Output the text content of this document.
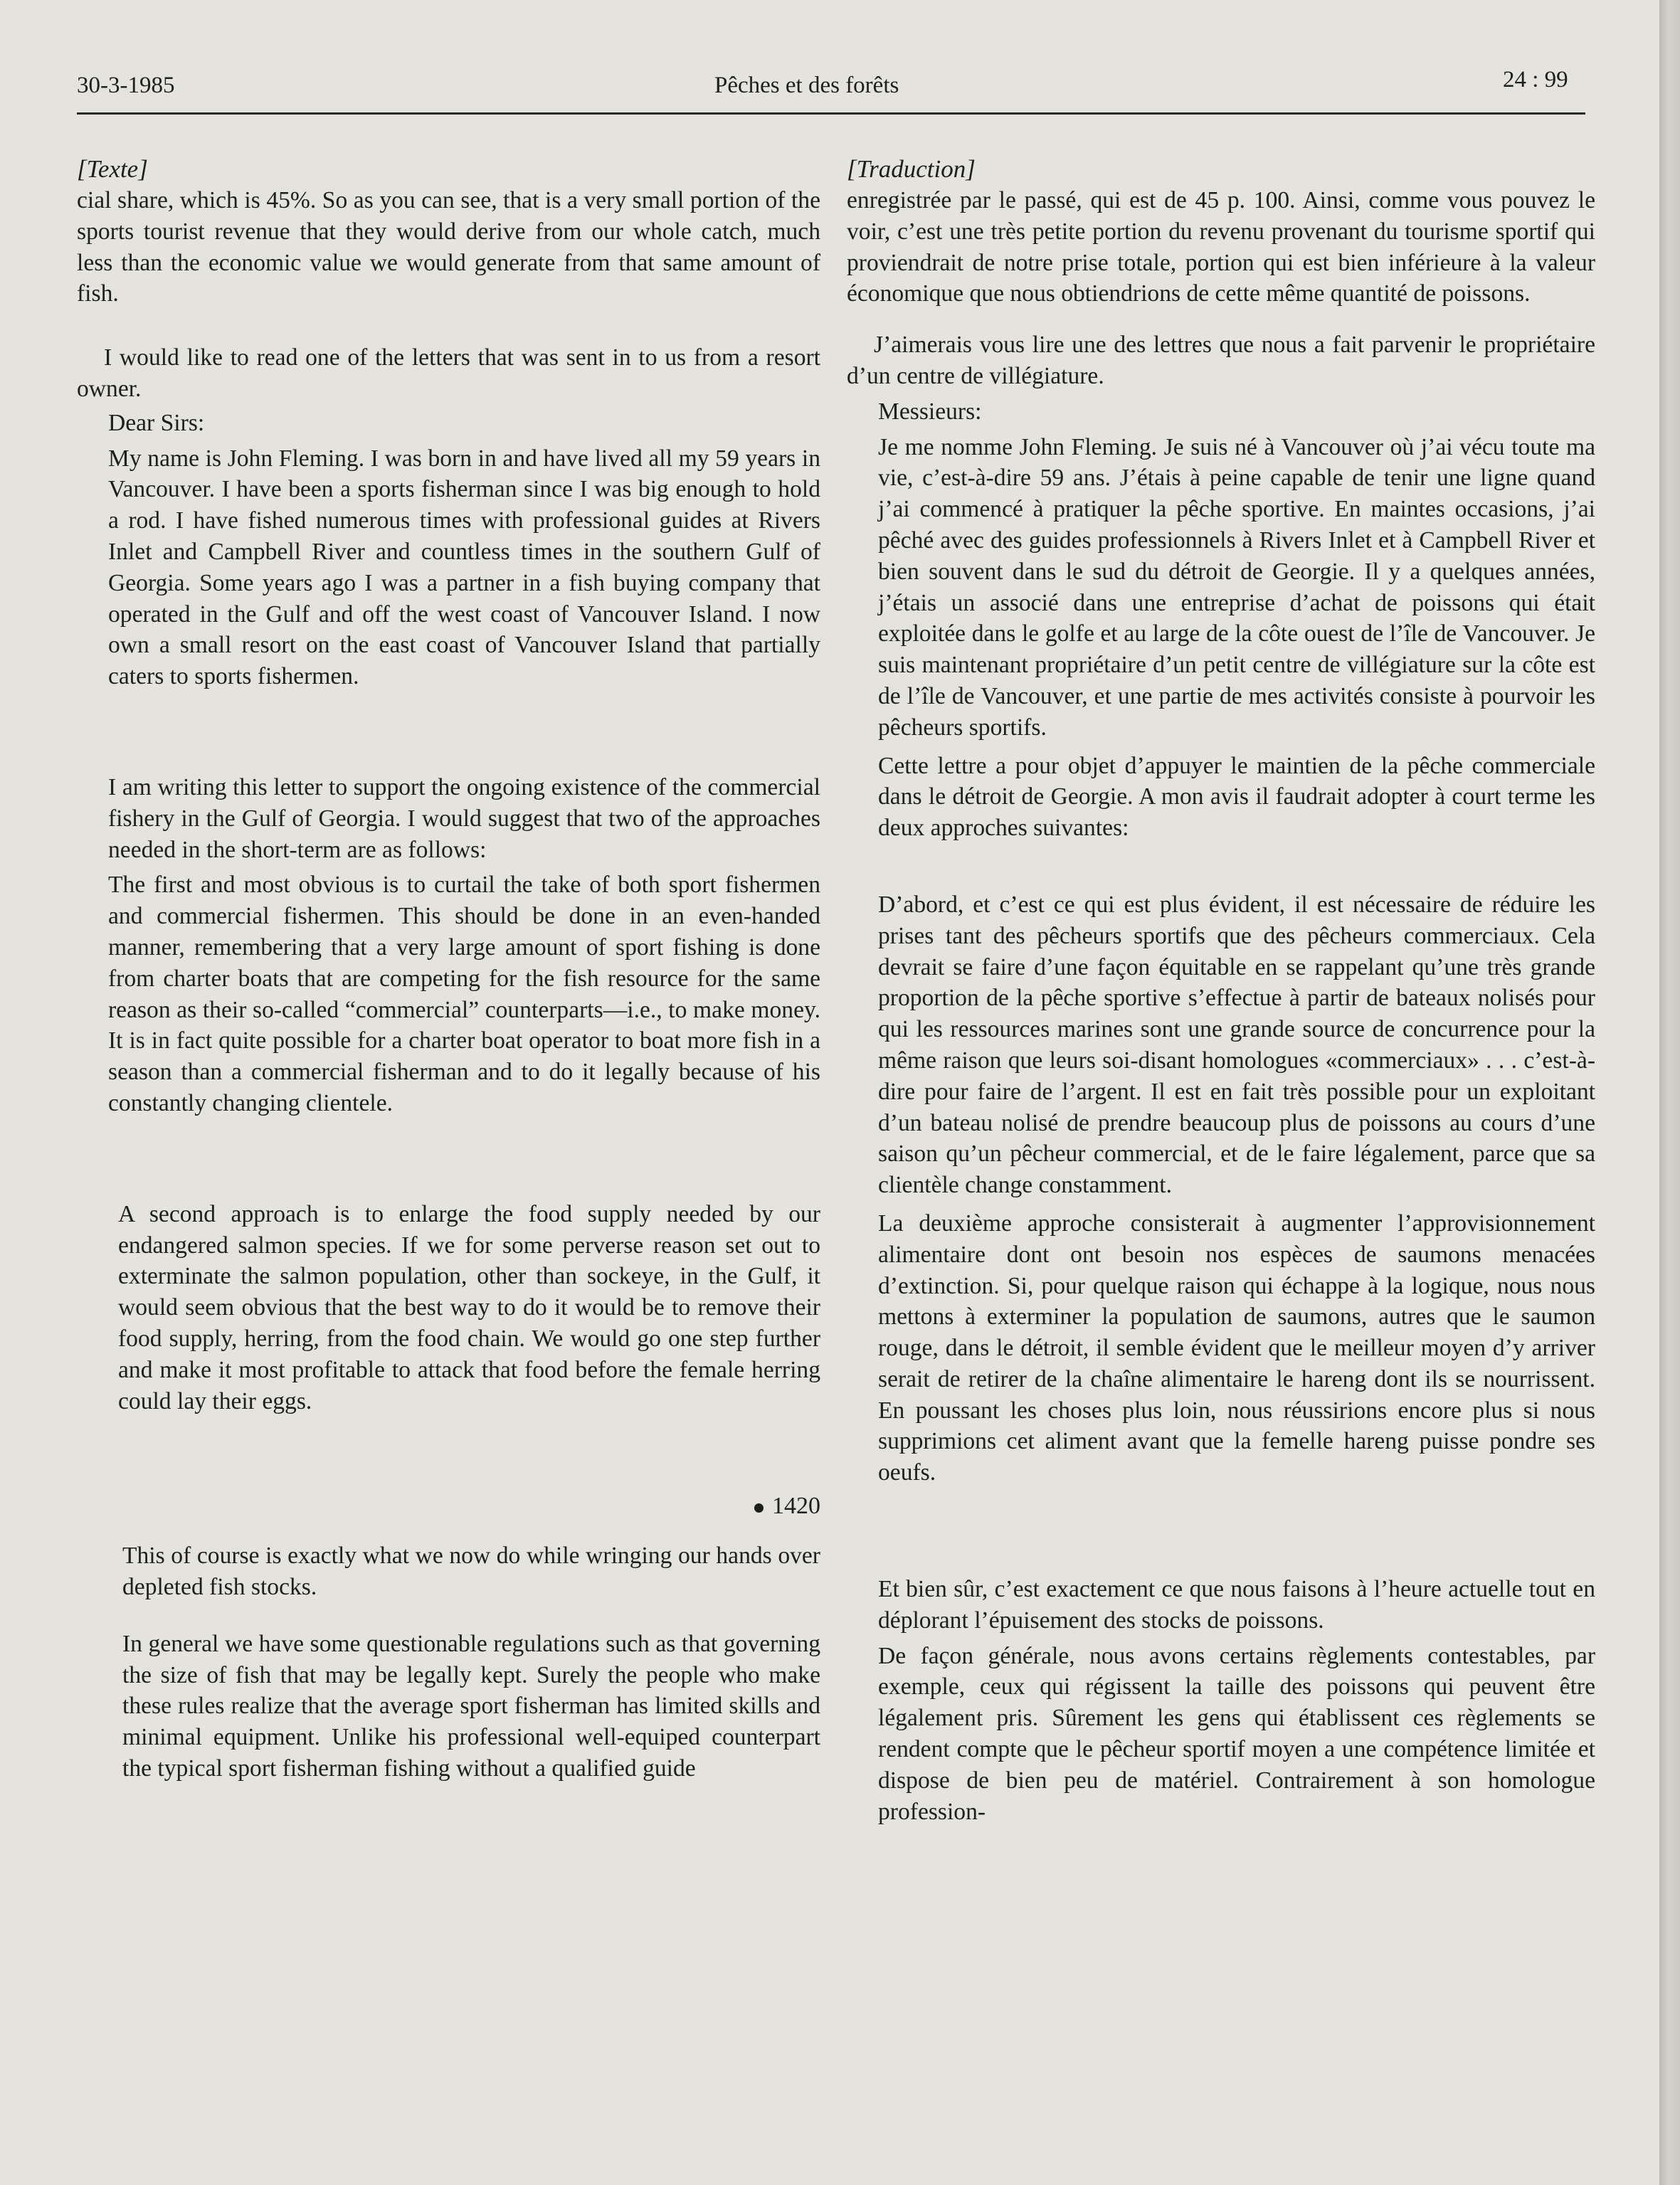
30-3-1985	Pêches et des forêts	24 : 99

[Texte]

cial share, which is 45%. So as you can see, that is a very small portion of the sports tourist revenue that they would derive from our whole catch, much less than the economic value we would generate from that same amount of fish.

I would like to read one of the letters that was sent in to us from a resort owner.

Dear Sirs:

My name is John Fleming. I was born in and have lived all my 59 years in Vancouver. I have been a sports fisherman since I was big enough to hold a rod. I have fished numerous times with professional guides at Rivers Inlet and Campbell River and countless times in the southern Gulf of Georgia. Some years ago I was a partner in a fish buying company that operated in the Gulf and off the west coast of Vancouver Island. I now own a small resort on the east coast of Vancouver Island that partially caters to sports fishermen.

I am writing this letter to support the ongoing existence of the commercial fishery in the Gulf of Georgia. I would suggest that two of the approaches needed in the short-term are as follows:

The first and most obvious is to curtail the take of both sport fishermen and commercial fishermen. This should be done in an even-handed manner, remembering that a very large amount of sport fishing is done from charter boats that are competing for the fish resource for the same reason as their so-called “commercial” counterparts—i.e., to make money. It is in fact quite possible for a charter boat operator to boat more fish in a season than a commercial fisherman and to do it legally because of his constantly changing clientele.

A second approach is to enlarge the food supply needed by our endangered salmon species. If we for some perverse reason set out to exterminate the salmon population, other than sockeye, in the Gulf, it would seem obvious that the best way to do it would be to remove their food supply, herring, from the food chain. We would go one step further and make it most profitable to attack that food before the female herring could lay their eggs.

1420

This of course is exactly what we now do while wringing our hands over depleted fish stocks.

In general we have some questionable regulations such as that governing the size of fish that may be legally kept. Surely the people who make these rules realize that the average sport fisherman has limited skills and minimal equipment. Unlike his professional well-equiped counterpart the typical sport fisherman fishing without a qualified guide

[Traduction]

enregistrée par le passé, qui est de 45 p. 100. Ainsi, comme vous pouvez le voir, c’est une très petite portion du revenu provenant du tourisme sportif qui proviendrait de notre prise totale, portion qui est bien inférieure à la valeur économique que nous obtiendrions de cette même quantité de poissons.

J’aimerais vous lire une des lettres que nous a fait parvenir le propriétaire d’un centre de villégiature.

Messieurs:

Je me nomme John Fleming. Je suis né à Vancouver où j’ai vécu toute ma vie, c’est-à-dire 59 ans. J’étais à peine capable de tenir une ligne quand j’ai commencé à pratiquer la pêche sportive. En maintes occasions, j’ai pêché avec des guides professionnels à Rivers Inlet et à Campbell River et bien souvent dans le sud du détroit de Georgie. Il y a quelques années, j’étais un associé dans une entreprise d’achat de poissons qui était exploitée dans le golfe et au large de la côte ouest de l’île de Vancouver. Je suis maintenant propriétaire d’un petit centre de villégiature sur la côte est de l’île de Vancouver, et une partie de mes activités consiste à pourvoir les pêcheurs sportifs.

Cette lettre a pour objet d’appuyer le maintien de la pêche commerciale dans le détroit de Georgie. A mon avis il faudrait adopter à court terme les deux approches suivantes:

D’abord, et c’est ce qui est plus évident, il est nécessaire de réduire les prises tant des pêcheurs sportifs que des pêcheurs commerciaux. Cela devrait se faire d’une façon équitable en se rappelant qu’une très grande proportion de la pêche sportive s’effectue à partir de bateaux nolisés pour qui les ressources marines sont une grande source de concurrence pour la même raison que leurs soi-disant homologues «commerciaux» . . . c’est-à-dire pour faire de l’argent. Il est en fait très possible pour un exploitant d’un bateau nolisé de prendre beaucoup plus de poissons au cours d’une saison qu’un pêcheur commercial, et de le faire légalement, parce que sa clientèle change constamment.

La deuxième approche consisterait à augmenter l’approvisionnement alimentaire dont ont besoin nos espèces de saumons menacées d’extinction. Si, pour quelque raison qui échappe à la logique, nous nous mettons à exterminer la population de saumons, autres que le saumon rouge, dans le détroit, il semble évident que le meilleur moyen d’y arriver serait de retirer de la chaîne alimentaire le hareng dont ils se nourrissent. En poussant les choses plus loin, nous réussirions encore plus si nous supprimions cet aliment avant que la femelle hareng puisse pondre ses oeufs.

Et bien sûr, c’est exactement ce que nous faisons à l’heure actuelle tout en déplorant l’épuisement des stocks de poissons.

De façon générale, nous avons certains règlements contestables, par exemple, ceux qui régissent la taille des poissons qui peuvent être légalement pris. Sûrement les gens qui établissent ces règlements se rendent compte que le pêcheur sportif moyen a une compétence limitée et dispose de bien peu de matériel. Contrairement à son homologue profession-
